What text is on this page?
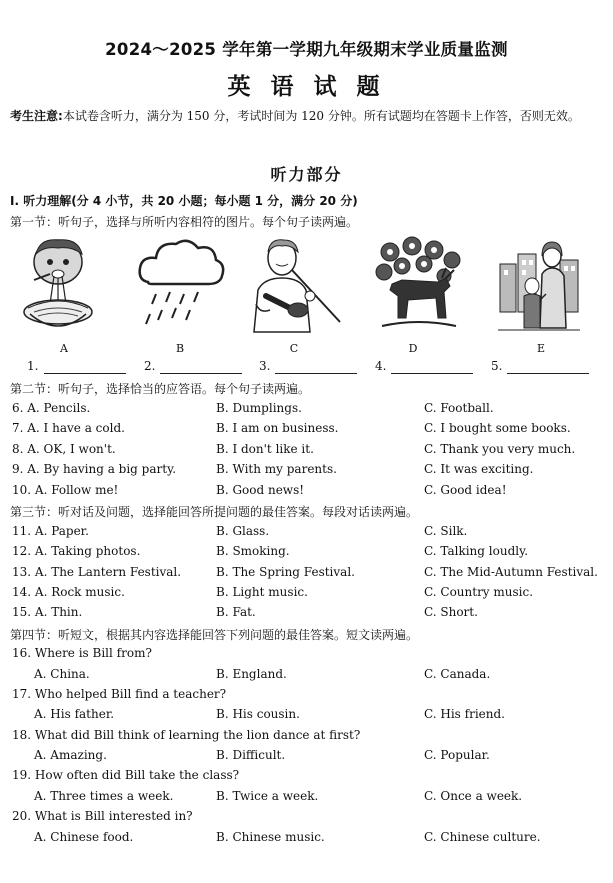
2024～2025 学年第一学期九年级期末学业质量监测
英 语 试 题
考生注意:本试卷含听力，满分为 150 分，考试时间为 120 分钟。所有试题均在答题卡上作答，否则无效。
听力部分
Ⅰ. 听力理解(分 4 小节，共 20 小题；每小题 1 分，满分 20 分)
第一节：听句子，选择与所听内容相符的图片。每个句子读两遍。
A	B	C	D	E
1.	2.	3.	4.	5.
第二节：听句子，选择恰当的应答语。每个句子读两遍。
6. A. Pencils.	B. Dumplings.	C. Football.
7. A. I have a cold.	B. I am on business.	C. I bought some books.
8. A. OK, I won't.	B. I don't like it.	C. Thank you very much.
9. A. By having a big party.	B. With my parents.	C. It was exciting.
10. A. Follow me!	B. Good news!	C. Good idea!
第三节：听对话及问题，选择能回答所提问题的最佳答案。每段对话读两遍。
11. A. Paper.	B. Glass.	C. Silk.
12. A. Taking photos.	B. Smoking.	C. Talking loudly.
13. A. The Lantern Festival.	B. The Spring Festival.	C. The Mid-Autumn Festival.
14. A. Rock music.	B. Light music.	C. Country music.
15. A. Thin.	B. Fat.	C. Short.
第四节：听短文，根据其内容选择能回答下列问题的最佳答案。短文读两遍。
16. Where is Bill from?
A. China.	B. England.	C. Canada.
17. Who helped Bill find a teacher?
A. His father.	B. His cousin.	C. His friend.
18. What did Bill think of learning the lion dance at first?
A. Amazing.	B. Difficult.	C. Popular.
19. How often did Bill take the class?
A. Three times a week.	B. Twice a week.	C. Once a week.
20. What is Bill interested in?
A. Chinese food.	B. Chinese music.	C. Chinese culture.
